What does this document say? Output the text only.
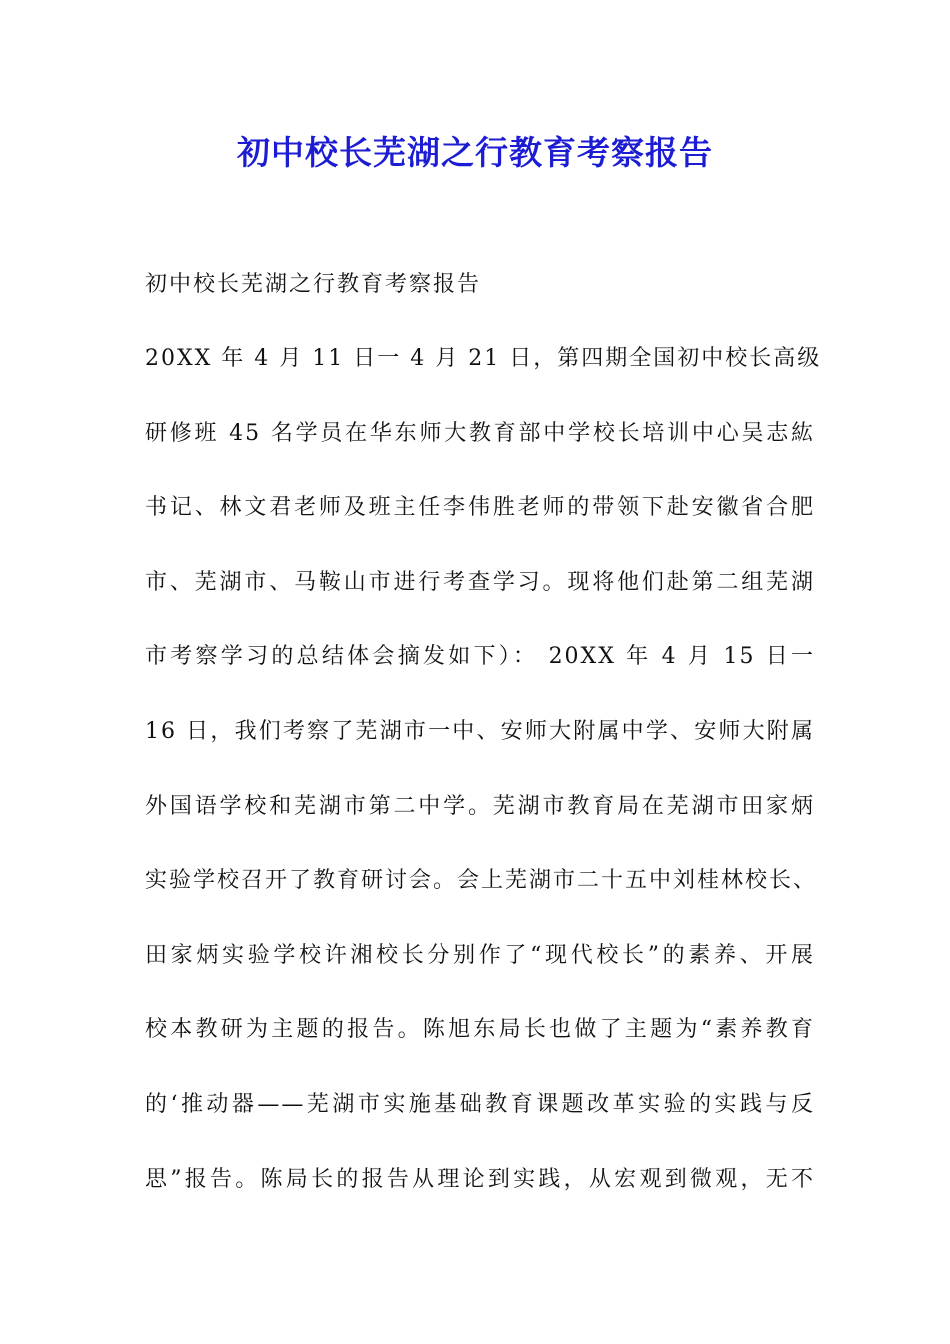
初中校长芜湖之行教育考察报告
初中校长芜湖之行教育考察报告
20XX 年 4 月 11 日一 4 月 21 日，第四期全国初中校长高级
研修班 45 名学员在华东师大教育部中学校长培训中心吴志紘
书记、林文君老师及班主任李伟胜老师的带领下赴安徽省合肥
市、芜湖市、马鞍山市进行考查学习。现将他们赴第二组芜湖
市考察学习的总结体会摘发如下）： 20XX 年 4 月 15 日一
16 日，我们考察了芜湖市一中、安师大附属中学、安师大附属
外国语学校和芜湖市第二中学。芜湖市教育局在芜湖市田家炳
实验学校召开了教育研讨会。会上芜湖市二十五中刘桂林校长、
田家炳实验学校许湘校长分别作了“现代校长”的素养、开展
校本教研为主题的报告。陈旭东局长也做了主题为“素养教育
的‘推动器——芜湖市实施基础教育课题改革实验的实践与反
思”报告。陈局长的报告从理论到实践，从宏观到微观，无不
